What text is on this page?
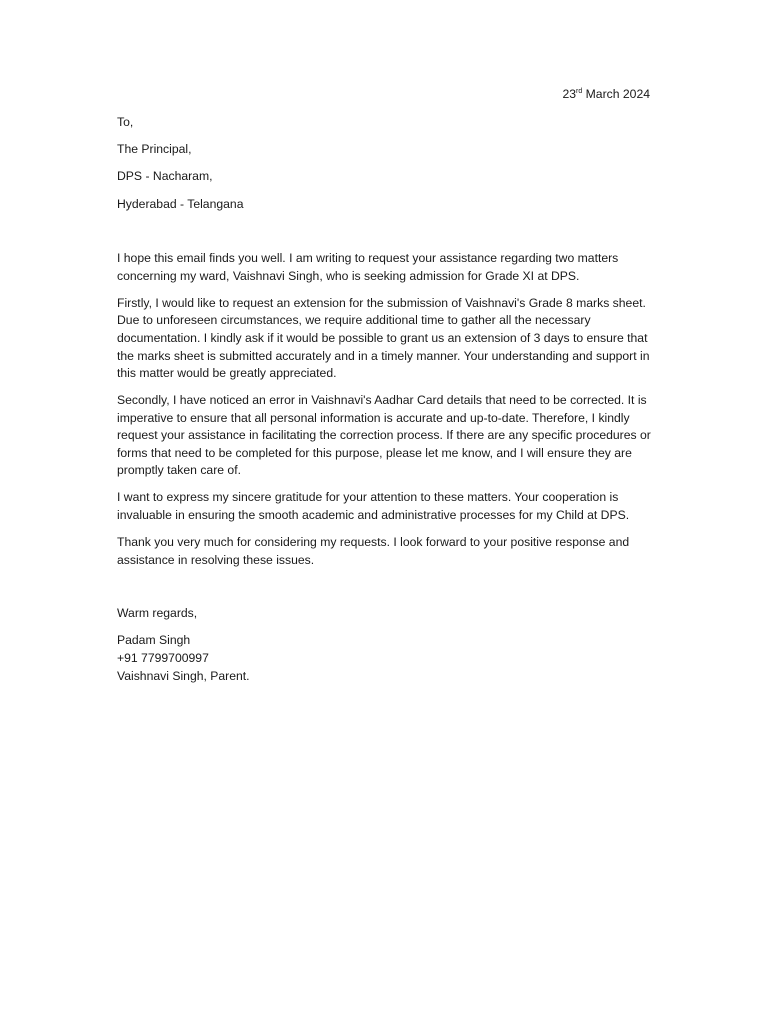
23rd March 2024

To,

The Principal,

DPS - Nacharam,

Hyderabad - Telangana

I hope this email finds you well. I am writing to request your assistance regarding two matters concerning my ward, Vaishnavi Singh, who is seeking admission for Grade XI at DPS.

Firstly, I would like to request an extension for the submission of Vaishnavi's Grade 8 marks sheet. Due to unforeseen circumstances, we require additional time to gather all the necessary documentation. I kindly ask if it would be possible to grant us an extension of 3 days to ensure that the marks sheet is submitted accurately and in a timely manner. Your understanding and support in this matter would be greatly appreciated.

Secondly, I have noticed an error in Vaishnavi's Aadhar Card details that need to be corrected. It is imperative to ensure that all personal information is accurate and up-to-date. Therefore, I kindly request your assistance in facilitating the correction process. If there are any specific procedures or forms that need to be completed for this purpose, please let me know, and I will ensure they are promptly taken care of.

I want to express my sincere gratitude for your attention to these matters. Your cooperation is invaluable in ensuring the smooth academic and administrative processes for my Child at DPS.

Thank you very much for considering my requests. I look forward to your positive response and assistance in resolving these issues.

Warm regards,

Padam Singh

+91 7799700997

Vaishnavi Singh, Parent.
